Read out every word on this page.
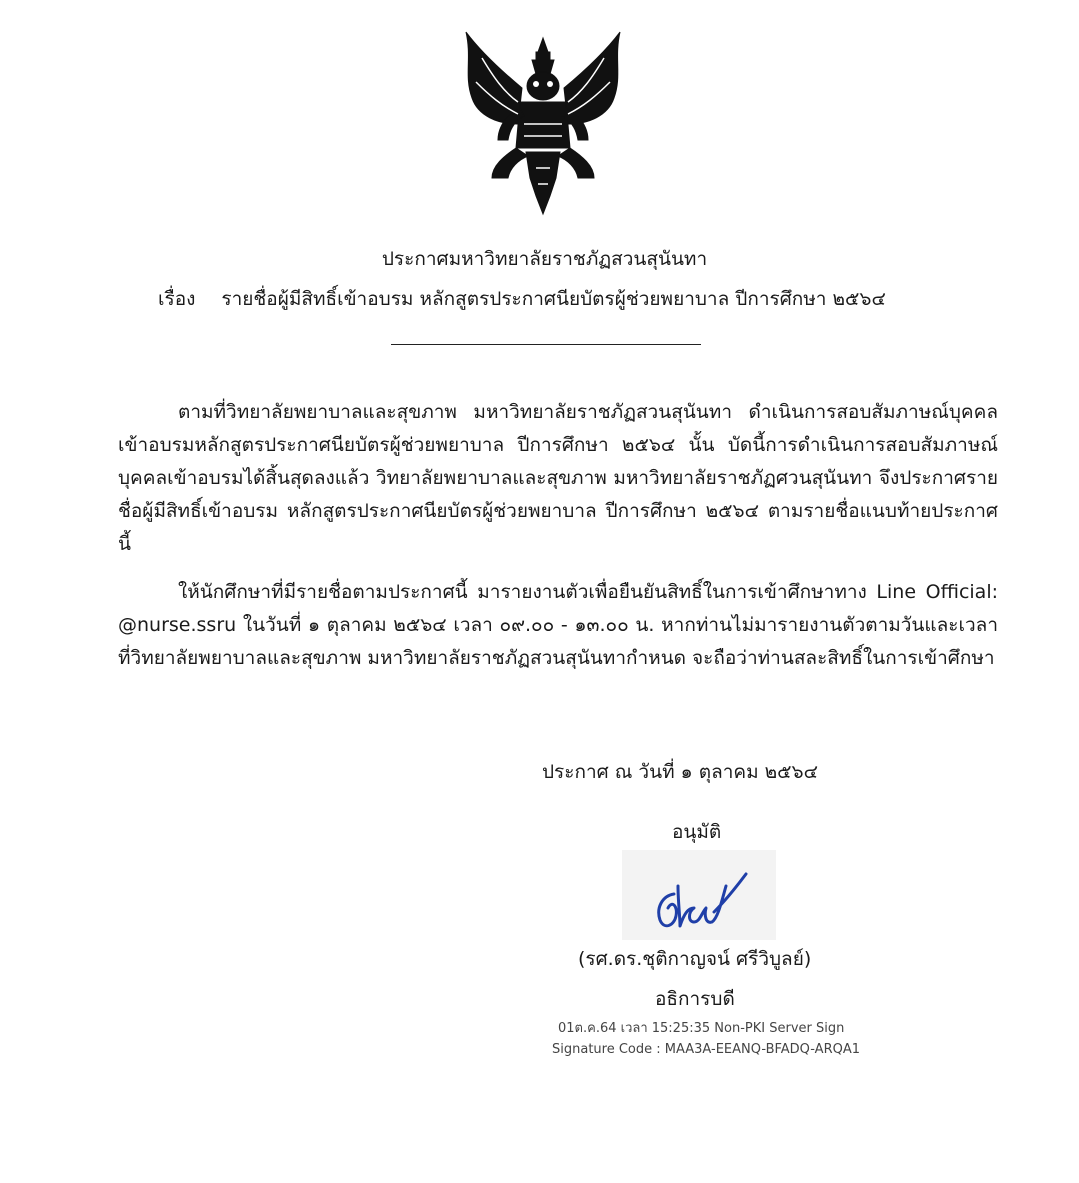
ประกาศมหาวิทยาลัยราชภัฏสวนสุนันทา
เรื่อง รายชื่อผู้มีสิทธิ์เข้าอบรม หลักสูตรประกาศนียบัตรผู้ช่วยพยาบาล ปีการศึกษา ๒๕๖๔
ตามที่วิทยาลัยพยาบาลและสุขภาพ มหาวิทยาลัยราชภัฏสวนสุนันทา ดำเนินการสอบสัมภาษณ์บุคคลเข้าอบรมหลักสูตรประกาศนียบัตรผู้ช่วยพยาบาล ปีการศึกษา ๒๕๖๔ นั้น บัดนี้การดำเนินการสอบสัมภาษณ์บุคคลเข้าอบรมได้สิ้นสุดลงแล้ว วิทยาลัยพยาบาลและสุขภาพ มหาวิทยาลัยราชภัฏศวนสุนันทา จึงประกาศรายชื่อผู้มีสิทธิ์เข้าอบรม หลักสูตรประกาศนียบัตรผู้ช่วยพยาบาล ปีการศึกษา ๒๕๖๔ ตามรายชื่อแนบท้ายประกาศนี้
ให้นักศึกษาที่มีรายชื่อตามประกาศนี้ มารายงานตัวเพื่อยืนยันสิทธิ์ในการเข้าศึกษาทาง Line Official: @nurse.ssru ในวันที่ ๑ ตุลาคม ๒๕๖๔ เวลา ๐๙.๐๐ - ๑๓.๐๐ น. หากท่านไม่มารายงานตัวตามวันและเวลาที่วิทยาลัยพยาบาลและสุขภาพ มหาวิทยาลัยราชภัฏสวนสุนันทากำหนด จะถือว่าท่านสละสิทธิ์ในการเข้าศึกษา
ประกาศ ณ วันที่ ๑ ตุลาคม ๒๕๖๔
อนุมัติ
(รศ.ดร.ชุติกาญจน์ ศรีวิบูลย์)
อธิการบดี
01ต.ค.64 เวลา 15:25:35 Non-PKI Server Sign
Signature Code : MAA3A-EEANQ-BFADQ-ARQA1
